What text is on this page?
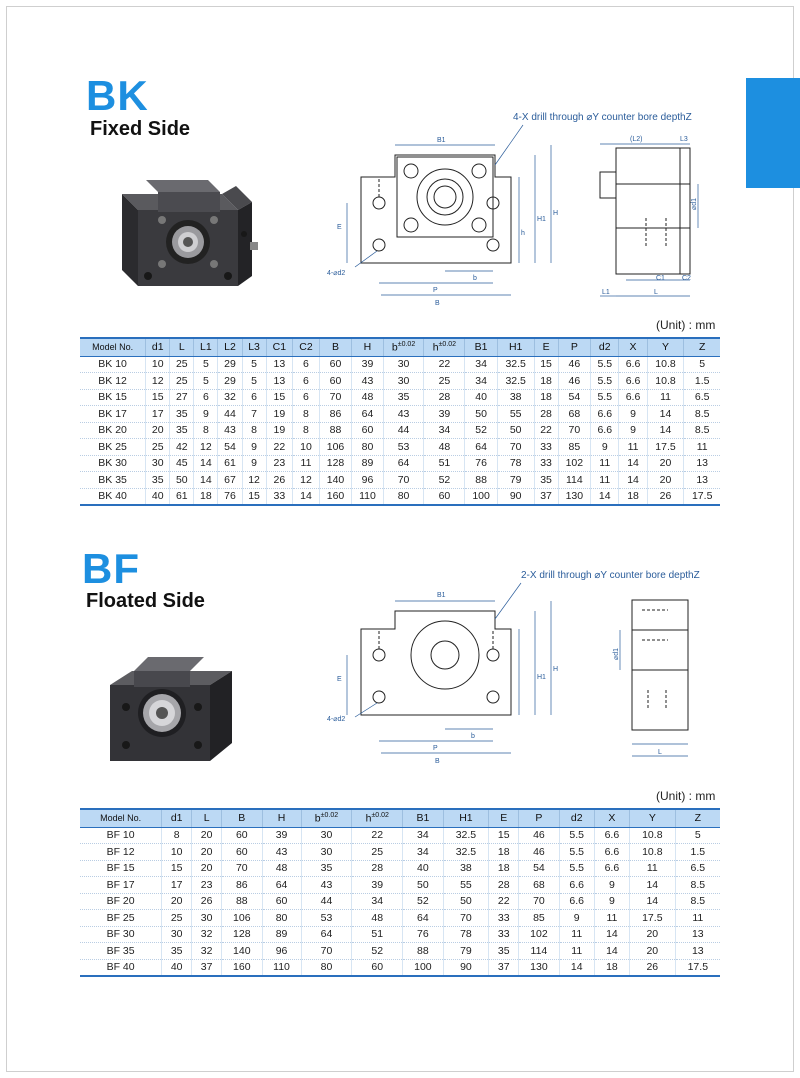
BK
Fixed Side
B1
B
P
b
h
H1
H
E
4-⌀d2
4-X drill through ⌀Y counter bore depthZ
(L2)	L3
C1 C2
L1	L
⌀d1
(Unit) : mm
Model No.	d1	L	L1	L2	L3	C1	C2	B	H	$b^{\pm 0.02}$	$h^{\pm 0.02}$	B1	H1	E	P	d2	X	Y	Z
BK 10	10	25	5	29	5	13	6	60	39	30	22	34	32.5	15	46	5.5	6.6	10.8	5
BK 12	12	25	5	29	5	13	6	60	43	30	25	34	32.5	18	46	5.5	6.6	10.8	1.5
BK 15	15	27	6	32	6	15	6	70	48	35	28	40	38	18	54	5.5	6.6	11	6.5
BK 17	17	35	9	44	7	19	8	86	64	43	39	50	55	28	68	6.6	9	14	8.5
BK 20	20	35	8	43	8	19	8	88	60	44	34	52	50	22	70	6.6	9	14	8.5
BK 25	25	42	12	54	9	22	10	106	80	53	48	64	70	33	85	9	11	17.5	11
BK 30	30	45	14	61	9	23	11	128	89	64	51	76	78	33	102	11	14	20	13
BK 35	35	50	14	67	12	26	12	140	96	70	52	88	79	35	114	11	14	20	13
BK 40	40	61	18	76	15	33	14	160	110	80	60	100	90	37	130	14	18	26	17.5
BF
Floated Side	B1
B
P
b
H1
H
E
4-⌀d2
2-X drill through ⌀Y counter bore depthZ
L
⌀d1
(Unit) : mm
Model No.	d1	L	B	H	$b^{\pm 0.02}$	$h^{\pm 0.02}$	B1	H1	E	P	d2	X	Y	Z
BF 10	8	20	60	39	30	22	34	32.5	15	46	5.5	6.6	10.8	5
BF 12	10	20	60	43	30	25	34	32.5	18	46	5.5	6.6	10.8	1.5
BF 15	15	20	70	48	35	28	40	38	18	54	5.5	6.6	11	6.5
BF 17	17	23	86	64	43	39	50	55	28	68	6.6	9	14	8.5
BF 20	20	26	88	60	44	34	52	50	22	70	6.6	9	14	8.5
BF 25	25	30	106	80	53	48	64	70	33	85	9	11	17.5	11
BF 30	30	32	128	89	64	51	76	78	33	102	11	14	20	13
BF 35	35	32	140	96	70	52	88	79	35	114	11	14	20	13
BF 40	40	37	160	110	80	60	100	90	37	130	14	18	26	17.5
